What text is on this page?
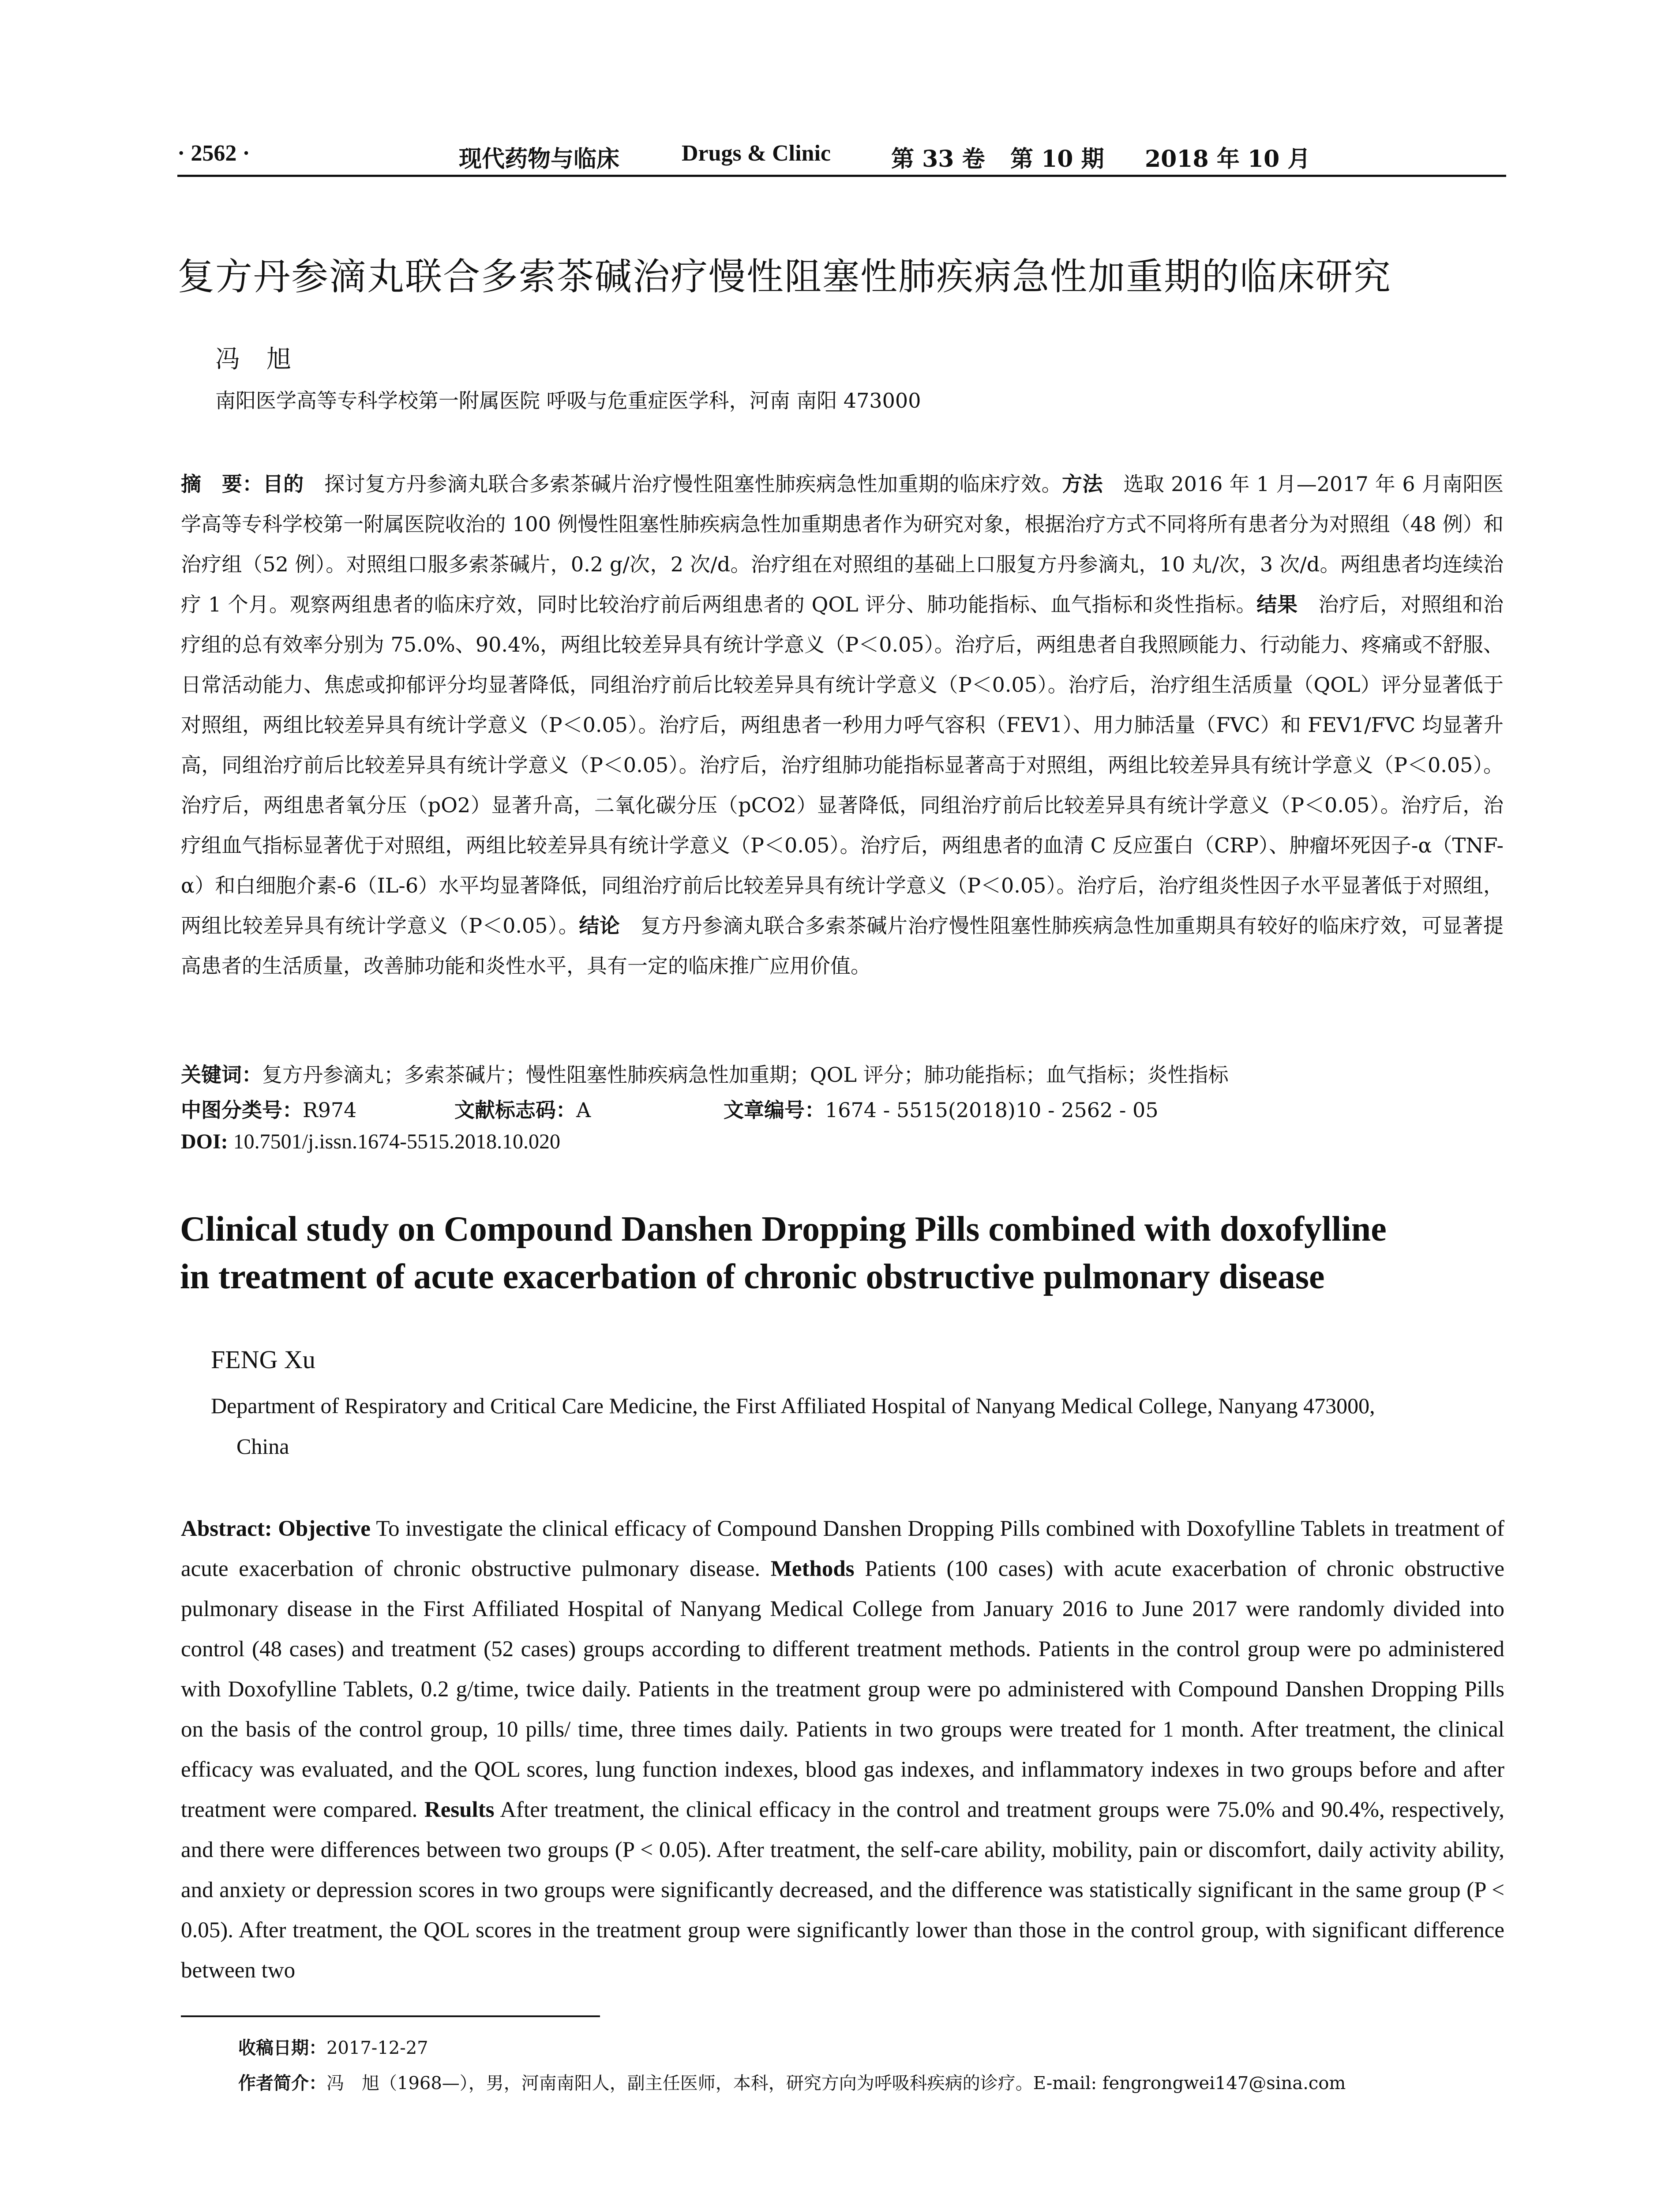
· 2562 ·	现代药物与临床	Drugs & Clinic	第 33 卷 第 10 期 2018 年 10 月
复方丹参滴丸联合多索茶碱治疗慢性阻塞性肺疾病急性加重期的临床研究
冯旭
南阳医学高等专科学校第一附属医院 呼吸与危重症医学科，河南 南阳 473000
摘　要：目的　探讨复方丹参滴丸联合多索茶碱片治疗慢性阻塞性肺疾病急性加重期的临床疗效。方法　选取 2016 年 1 月—2017 年 6 月南阳医学高等专科学校第一附属医院收治的 100 例慢性阻塞性肺疾病急性加重期患者作为研究对象，根据治疗方式不同将所有患者分为对照组（48 例）和治疗组（52 例）。对照组口服多索茶碱片，0.2 g/次，2 次/d。治疗组在对照组的基础上口服复方丹参滴丸，10 丸/次，3 次/d。两组患者均连续治疗 1 个月。观察两组患者的临床疗效，同时比较治疗前后两组患者的 QOL 评分、肺功能指标、血气指标和炎性指标。结果　治疗后，对照组和治疗组的总有效率分别为 75.0%、90.4%，两组比较差异具有统计学意义（P＜0.05）。治疗后，两组患者自我照顾能力、行动能力、疼痛或不舒服、日常活动能力、焦虑或抑郁评分均显著降低，同组治疗前后比较差异具有统计学意义（P＜0.05）。治疗后，治疗组生活质量（QOL）评分显著低于对照组，两组比较差异具有统计学意义（P＜0.05）。治疗后，两组患者一秒用力呼气容积（FEV1）、用力肺活量（FVC）和 FEV1/FVC 均显著升高，同组治疗前后比较差异具有统计学意义（P＜0.05）。治疗后，治疗组肺功能指标显著高于对照组，两组比较差异具有统计学意义（P＜0.05）。治疗后，两组患者氧分压（pO2）显著升高，二氧化碳分压（pCO2）显著降低，同组治疗前后比较差异具有统计学意义（P＜0.05）。治疗后，治疗组血气指标显著优于对照组，两组比较差异具有统计学意义（P＜0.05）。治疗后，两组患者的血清 C 反应蛋白（CRP）、肿瘤坏死因子-α（TNF-α）和白细胞介素-6（IL-6）水平均显著降低，同组治疗前后比较差异具有统计学意义（P＜0.05）。治疗后，治疗组炎性因子水平显著低于对照组，两组比较差异具有统计学意义（P＜0.05）。结论　复方丹参滴丸联合多索茶碱片治疗慢性阻塞性肺疾病急性加重期具有较好的临床疗效，可显著提高患者的生活质量，改善肺功能和炎性水平，具有一定的临床推广应用价值。
关键词：复方丹参滴丸；多索茶碱片；慢性阻塞性肺疾病急性加重期；QOL 评分；肺功能指标；血气指标；炎性指标
中图分类号：R974	文献标志码：A	文章编号：1674 - 5515(2018)10 - 2562 - 05
DOI: 10.7501/j.issn.1674-5515.2018.10.020
Clinical study on Compound Danshen Dropping Pills combined with doxofylline
in treatment of acute exacerbation of chronic obstructive pulmonary disease
FENG Xu
Department of Respiratory and Critical Care Medicine, the First Affiliated Hospital of Nanyang Medical College, Nanyang 473000,
China
Abstract: Objective To investigate the clinical efficacy of Compound Danshen Dropping Pills combined with Doxofylline Tablets in treatment of acute exacerbation of chronic obstructive pulmonary disease. Methods Patients (100 cases) with acute exacerbation of chronic obstructive pulmonary disease in the First Affiliated Hospital of Nanyang Medical College from January 2016 to June 2017 were randomly divided into control (48 cases) and treatment (52 cases) groups according to different treatment methods. Patients in the control group were po administered with Doxofylline Tablets, 0.2 g/time, twice daily. Patients in the treatment group were po administered with Compound Danshen Dropping Pills on the basis of the control group, 10 pills/ time, three times daily. Patients in two groups were treated for 1 month. After treatment, the clinical efficacy was evaluated, and the QOL scores, lung function indexes, blood gas indexes, and inflammatory indexes in two groups before and after treatment were compared. Results After treatment, the clinical efficacy in the control and treatment groups were 75.0% and 90.4%, respectively, and there were differences between two groups (P < 0.05). After treatment, the self-care ability, mobility, pain or discomfort, daily activity ability, and anxiety or depression scores in two groups were significantly decreased, and the difference was statistically significant in the same group (P < 0.05). After treatment, the QOL scores in the treatment group were significantly lower than those in the control group, with significant difference between two
收稿日期：2017-12-27
作者简介：冯　旭（1968—），男，河南南阳人，副主任医师，本科，研究方向为呼吸科疾病的诊疗。E-mail: fengrongwei147@sina.com
